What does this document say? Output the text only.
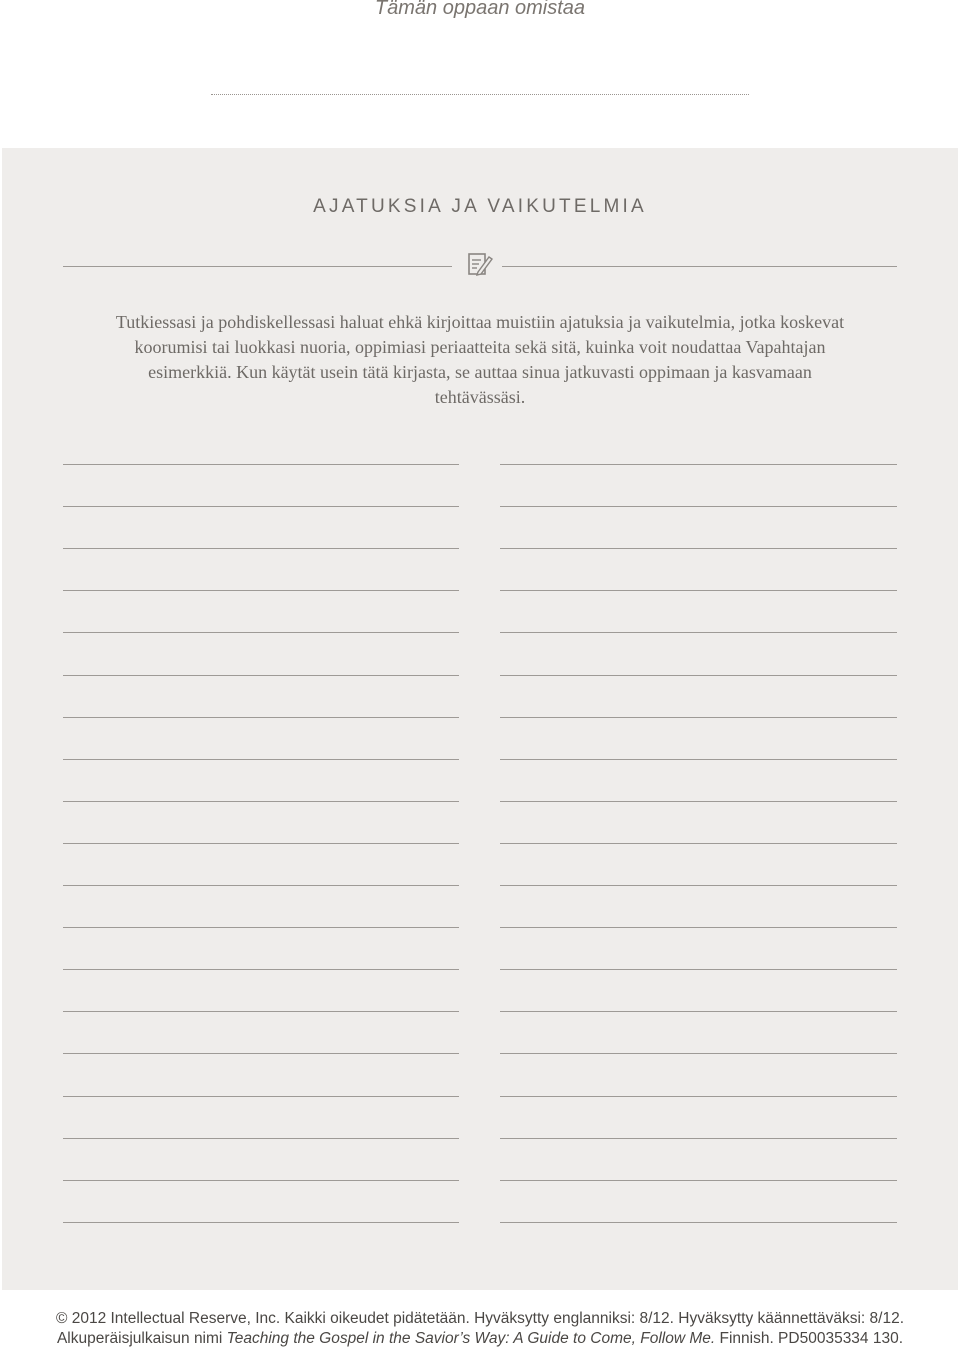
Tämän oppaan omistaa

AJATUKSIA JA VAIKUTELMIA

Tutkiessasi ja pohdiskellessasi haluat ehkä kirjoittaa muistiin ajatuksia ja vaikutelmia, jotka koskevat koorumisi tai luokkasi nuoria, oppimiasi periaatteita sekä sitä, kuinka voit noudattaa Vapahtajan esimerkkiä. Kun käytät usein tätä kirjasta, se auttaa sinua jatkuvasti oppimaan ja kasvamaan tehtävässäsi.

© 2012 Intellectual Reserve, Inc. Kaikki oikeudet pidätetään. Hyväksytty englanniksi: 8/12. Hyväksytty käännettäväksi: 8/12.

Alkuperäisjulkaisun nimi Teaching the Gospel in the Savior’s Way: A Guide to Come, Follow Me. Finnish. PD50035334 130.
